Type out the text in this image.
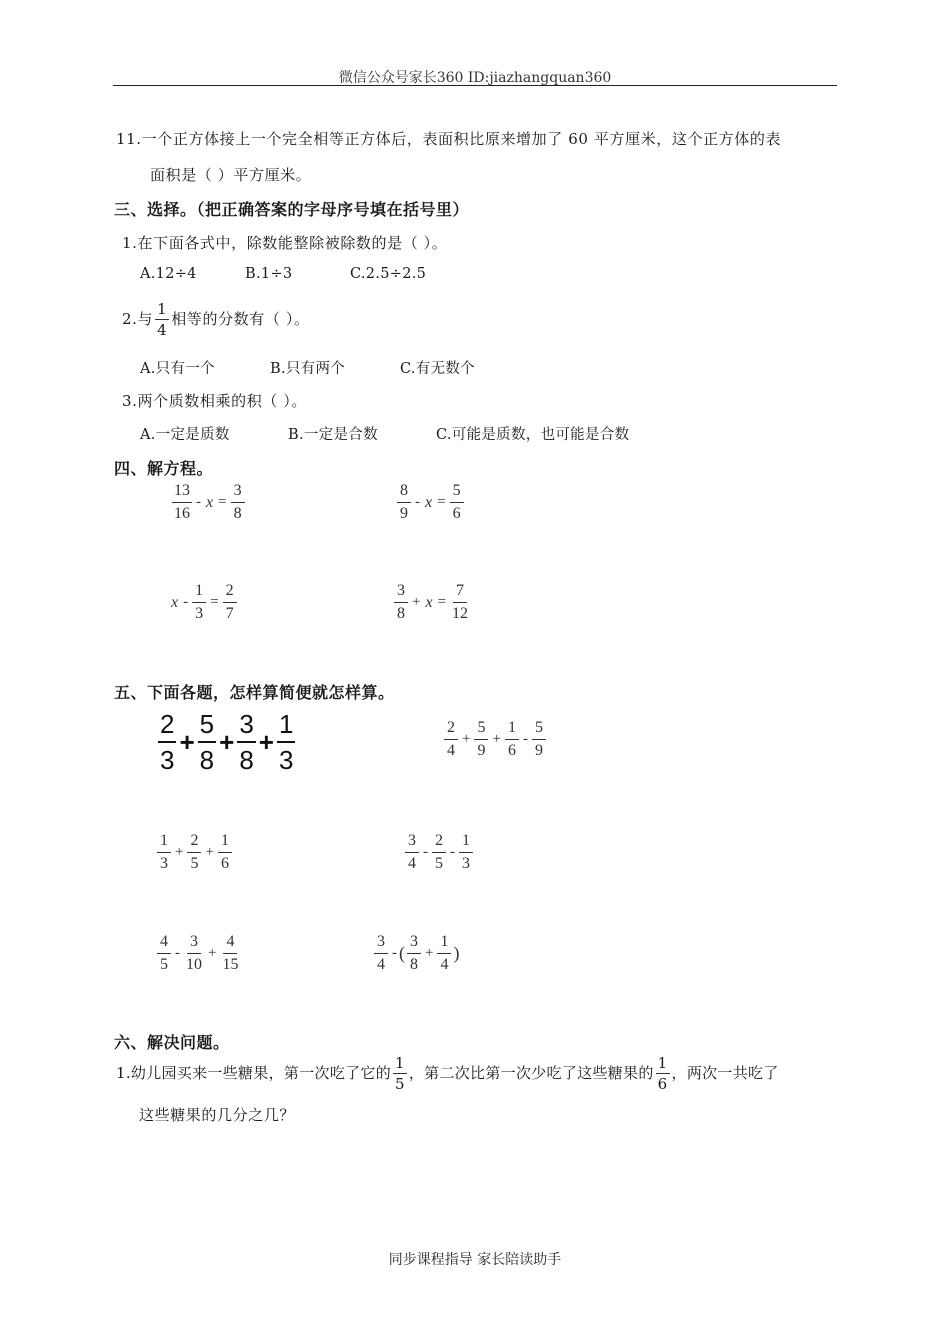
微信公众号家长360 ID:jiazhangquan360
11.一个正方体接上一个完全相等正方体后，表面积比原来增加了 60 平方厘米，这个正方体的表
面积是（ ）平方厘米。
三、选择。（把正确答案的字母序号填在括号里）
1.在下面各式中，除数能整除被除数的是（ ）。
A.12÷4	B.1÷3	C.2.5÷2.5
2.与 $\frac{1}{4}$ 相等的分数有（ ）。
A.只有一个	B.只有两个	C.有无数个
3.两个质数相乘的积（ ）。
A.一定是质数	B.一定是合数	C.可能是质数，也可能是合数
四、解方程。
$\frac{13}{16} - x = \frac{3}{8}$	$\frac{8}{9} - x = \frac{5}{6}$
$x - \frac{1}{3} = \frac{2}{7}$	$\frac{3}{8} + x = \frac{7}{12}$
五、下面各题，怎样算简便就怎样算。
$\frac{2}{3} + \frac{5}{8} + \frac{3}{8} + \frac{1}{3}$	$\frac{2}{4} + \frac{5}{9} + \frac{1}{6} - \frac{5}{9}$
$\frac{1}{3} + \frac{2}{5} + \frac{1}{6}$	$\frac{3}{4} - \frac{2}{5} - \frac{1}{3}$
$\frac{4}{5} - \frac{3}{10} + \frac{4}{15}$	$\frac{3}{4}$ - ( $\frac{3}{8} + \frac{1}{4}$ )
六、解决问题。
1.幼儿园买来一些糖果，第一次吃了它的 $\frac{1}{5}$ ，第二次比第一次少吃了这些糖果的 $\frac{1}{6}$ ，两次一共吃了
这些糖果的几分之几？
同步课程指导 家长陪读助手
